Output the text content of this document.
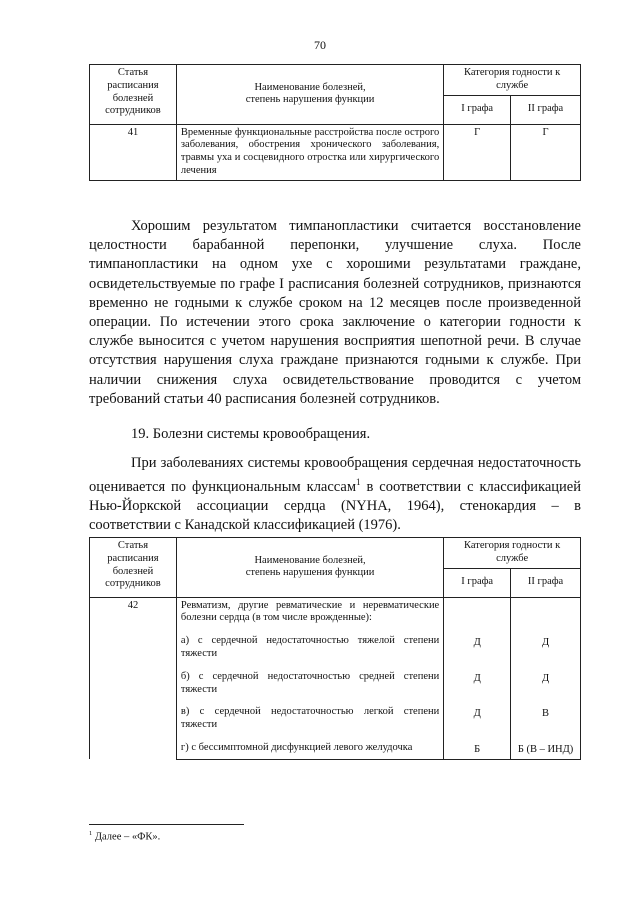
70
Статья расписания болезней сотрудников	Наименование болезней,
степень нарушения функции	Категория годности к службе	
		I графа	II графа
41	Временные функциональные расстройства после острого заболевания, обострения хронического заболевания, травмы уха и сосцевидного отростка или хирургического лечения	Г	Г

Хорошим результатом тимпанопластики считается восстановление целостности барабанной перепонки, улучшение слуха. После тимпанопластики на одном ухе с хорошими результатами граждане, освидетельствуемые по графе I расписания болезней сотрудников, признаются временно не годными к службе сроком на 12 месяцев после произведенной операции. По истечении этого срока заключение о категории годности к службе выносится с учетом нарушения восприятия шепотной речи. В случае отсутствия нарушения слуха граждане признаются годными к службе. При наличии снижения слуха освидетельствование проводится с учетом требований статьи 40 расписания болезней сотрудников.

19. Болезни системы кровообращения.

При заболеваниях системы кровообращения сердечная недостаточность оценивается по функциональным классам$^1$ в соответствии с классификацией Нью-Йоркской ассоциации сердца (NYHA, 1964), стенокардия – в соответствии с Канадской классификацией (1976).

Статья расписания болезней сотрудников	Наименование болезней,
степень нарушения функции	Категория годности к службе	
		I графа	II графа
42	Ревматизм, другие ревматические и неревматические болезни сердца (в том числе врожденные):		
	а) с сердечной недостаточностью тяжелой степени тяжести	Д	Д
	б) с сердечной недостаточностью средней степени тяжести	Д	Д
	в) с сердечной недостаточностью легкой степени тяжести	Д	В
	г) с бессимптомной дисфункцией левого желудочка	Б	Б (В – ИНД)
$^1$ Далее – «ФК».
